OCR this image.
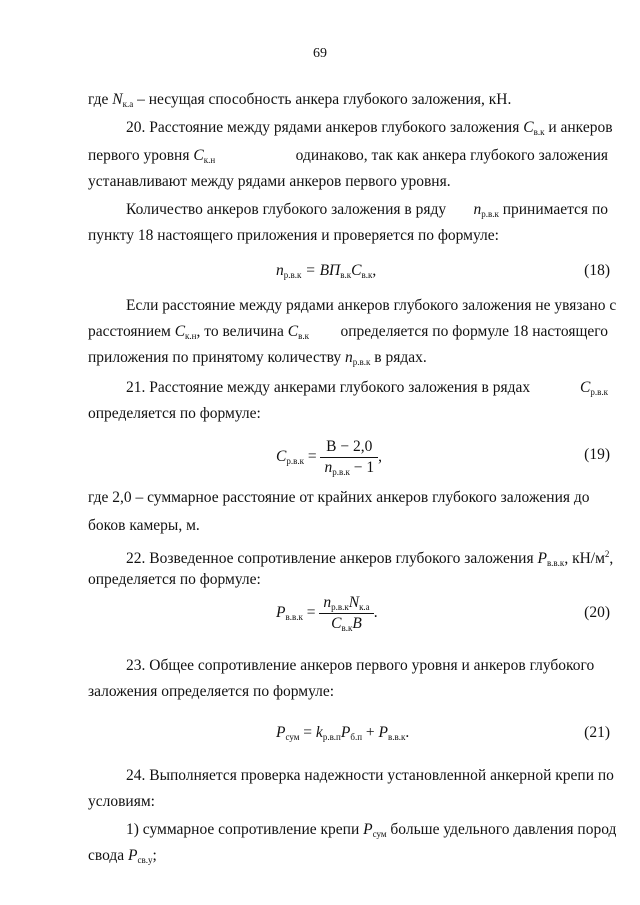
69
где $N_{к.а}$ – несущая способность анкера глубокого заложения, кН.
20. Расстояние между рядами анкеров глубокого заложения $С_{в.к}$ и анкеров
первого уровня $С_{к.н}$	одинаково, так как анкера глубокого заложения
устанавливают между рядами анкеров первого уровня.
Количество анкеров глубокого заложения в ряду $n_{р.в.к}$ принимается по
пункту 18 настоящего приложения и проверяется по формуле:
$n_{р.в.к} = ВП_{в.к}С_{в.к}$,	(18)
Если расстояние между рядами анкеров глубокого заложения не увязано с
расстоянием $С_{к.н}$, то величина $С_{в.к}$ определяется по формуле 18 настоящего
приложения по принятому количеству $n_{р.в.к}$ в рядах.
21. Расстояние между анкерами глубокого заложения в рядах	$С_{р.в.к}$
определяется по формуле:
$С_{р.в.к} = \frac{В - 2,0}{n_{р.в.к} - 1}$ ,	(19)
где 2,0 – суммарное расстояние от крайних анкеров глубокого заложения до
боков камеры, м.
22. Возведенное сопротивление анкеров глубокого заложения $Р_{в.в.к}$, $кН/м^2$,
определяется по формуле:
$Р_{в.в.к} = \frac{n_{р.в.к}N_{к.а}}{С_{в.к}В}$ .	(20)
23. Общее сопротивление анкеров первого уровня и анкеров глубокого
заложения определяется по формуле:
$Р_{сум} = k_{р.в.п}Р_{б.п} + Р_{в.в.к}$.	(21)
24. Выполняется проверка надежности установленной анкерной крепи по
условиям:
1) суммарное сопротивление крепи $Р_{сум}$ больше удельного давления пород
свода $Р_{св.у}$;
